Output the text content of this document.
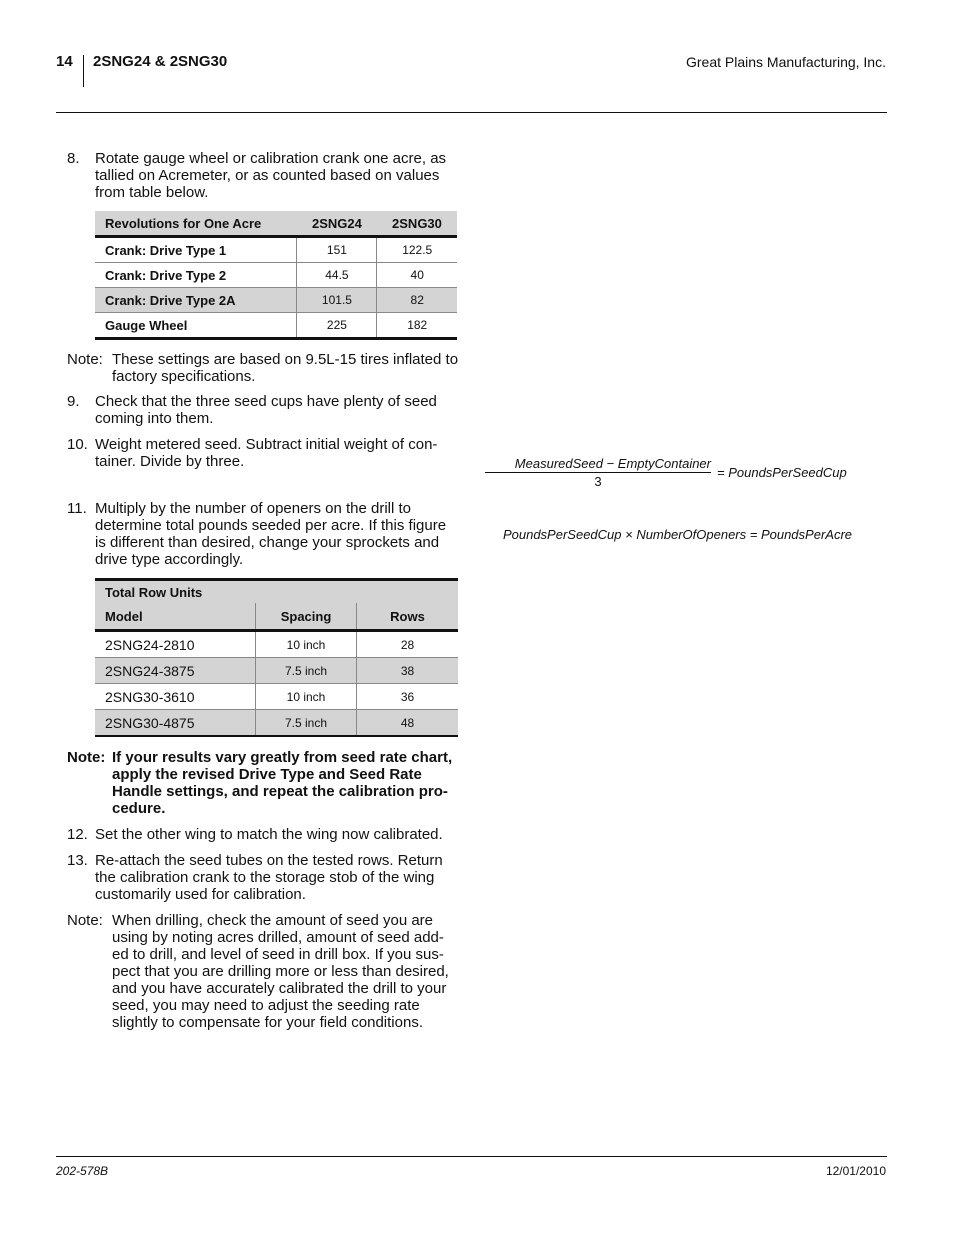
14 2SNG24 & 2SNG30	Great Plains Manufacturing, Inc.
8. Rotate gauge wheel or calibration crank one acre, as tallied on Acremeter, or as counted based on values from table below.
Revolutions for One Acre	2SNG24	2SNG30
Crank: Drive Type 1	151	122.5
Crank: Drive Type 2	44.5	40
Crank: Drive Type 2A	101.5	82
Gauge Wheel	225	182
Note: These settings are based on 9.5L-15 tires inflated to factory specifications.
9. Check that the three seed cups have plenty of seed coming into them.
10. Weight metered seed. Subtract initial weight of con-tainer. Divide by three.	MeasuredSeed − EmptyContainer
3
= PoundsPerSeedCup
11. Multiply by the number of openers on the drill to determine total pounds seeded per acre. If this figure is different than desired, change your sprockets and drive type accordingly.
PoundsPerSeedCup × NumberOfOpeners = PoundsPerAcre
Total Row Units		
Model	Spacing	Rows
2SNG24-2810	10 inch	28
2SNG24-3875	7.5 inch	38
2SNG30-3610	10 inch	36
2SNG30-4875	7.5 inch	48
Note: If your results vary greatly from seed rate chart, apply the revised Drive Type and Seed Rate Handle settings, and repeat the calibration pro-cedure.
12. Set the other wing to match the wing now calibrated.
13. Re-attach the seed tubes on the tested rows. Return the calibration crank to the storage stob of the wing customarily used for calibration.
Note: When drilling, check the amount of seed you are using by noting acres drilled, amount of seed add-ed to drill, and level of seed in drill box. If you sus-pect that you are drilling more or less than desired, and you have accurately calibrated the drill to your seed, you may need to adjust the seeding rate slightly to compensate for your field conditions.
202-578B	12/01/2010
